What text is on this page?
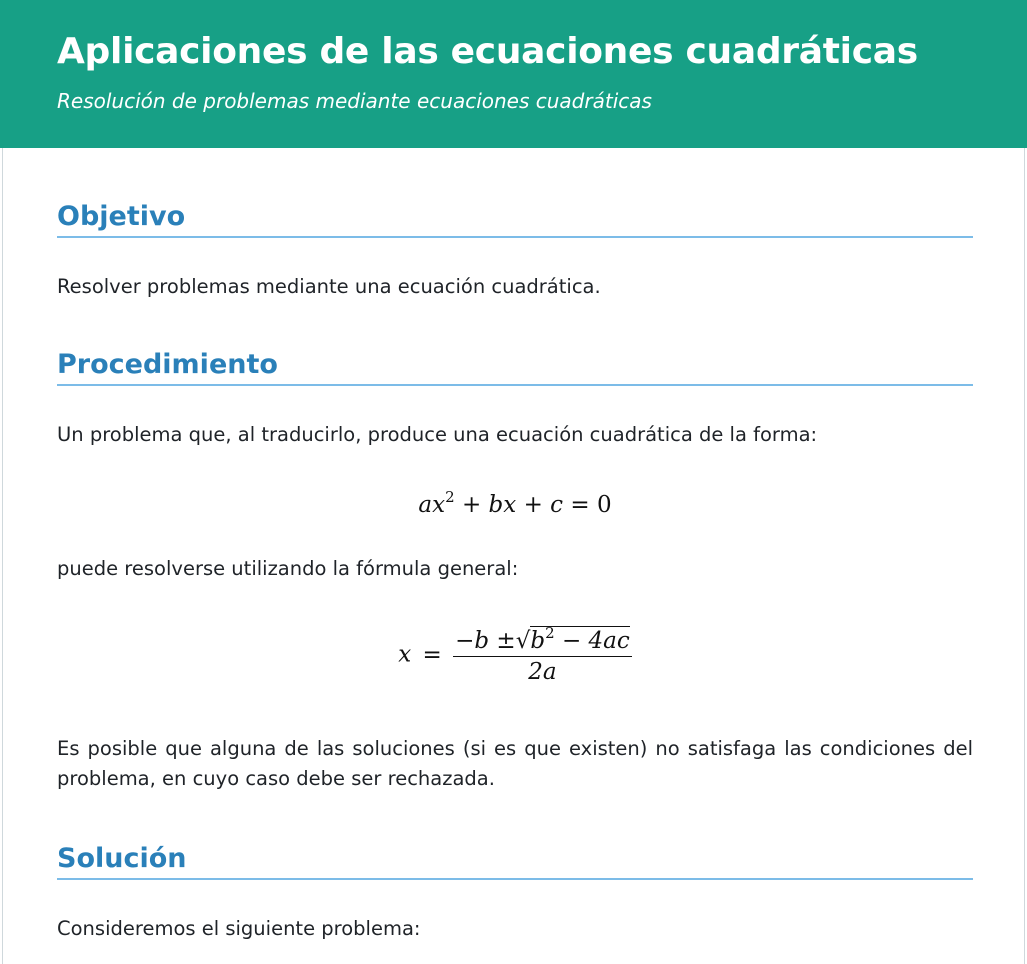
Aplicaciones de las ecuaciones cuadráticas
Resolución de problemas mediante ecuaciones cuadráticas
Objetivo

Resolver problemas mediante una ecuación cuadrática.

Procedimiento

Un problema que, al traducirlo, produce una ecuación cuadrática de la forma:

$ax^2$ + bx + c = 0

puede resolverse utilizando la fórmula general:

$x = \frac{-b \pm√b^2 - 4ac}{2a}$

Es posible que alguna de las soluciones (si es que existen) no satisfaga las condiciones del problema, en cuyo caso debe ser rechazada.

Solución

Consideremos el siguiente problema:
